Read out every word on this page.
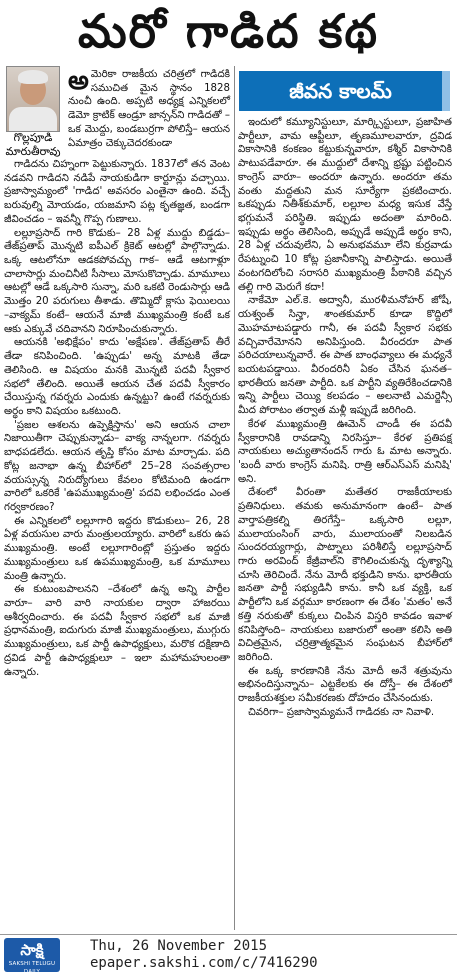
మరో గాడిద కథ
గొల్లపూడి మారుతీరావు
అమెరికా రాజకీయ చరిత్రలో గాడిదకి సముచిత మైన స్థానం 1828 నుంచీ ఉంది. అప్పటి అధ్యక్ష ఎన్నికలలో డెమో క్రాటిక్ ఆండ్రూ జాన్సన్‌ని గాడిదతో – ఒక మొద్దు, బండబుర్రగా పోలిస్తే– ఆయన ఏమాత్రం చెక్కుచెదరకుండా

గాడిదను చిహ్నంగా పెట్టుకున్నారు. 1837లో తన వెంట నడవని గాడిదని నడిపే నాయకుడిగా కార్టూన్లు వచ్చాయి. ప్రజాస్వామ్యంలో 'గాడిద' అవసరం ఎంతైనా ఉంది. వచ్చే బరువుల్ని మోయడం, యజమాని పట్ల కృతజ్ఞత, బండగా జీవించడం – ఇవన్నీ గొప్ప గుణాలు.

లల్లూప్రసాద్ గారి కొడుకు– 28 ఏళ్ల ముద్దు బిడ్డడు– తేజ్‌ప్రతాప్ మొన్నటి ఐపీఎల్ క్రికెట్ ఆటల్లో పాల్గొన్నాడు. ఒక్క ఆటలోనూ ఆడకపోవచ్చు గాక– ఆడే ఆటగాళ్లూ చాలాసార్లు మంచినీటి సీసాలు మోసుకొచ్చాడు. మామూలు ఆటల్లో ఆడే ఒక్కసారి సున్నా, మరి ఒకటి రెండుసార్లు ఆడి మొత్తం 20 పరుగులు తీశాడు. తొమ్మిదో క్లాసు ఫెయిలయి –వాక్యమ్ కంటే– ఆయనే మాజీ ముఖ్యమంత్రి కంటే ఒక ఆకు ఎక్కువే చదివానని నిరూపించుకున్నారు.

ఆయనకి 'అభిక్షేపం' కాదు 'అక్షేపణ'. తేజ్‌ప్రతాప్ తీరే తేడా కనిపించింది. 'ఉప్పుడు' అన్న మాటకి తేడా తెలిసింది. ఆ విషయం మనకి మొన్నటి పదవీ స్వీకార సభలో తేలింది. అయితే ఆయన చేత పదవీ స్వీకారం చేయిస్తున్న గవర్నరు ఎందుకు ఉన్నట్టు? ఉంటే గవర్నరుకు అర్థం కాని విషయం ఒకటుంది.

'ప్రజల ఆశలను ఉప్పెక్షిస్తాను' అని ఆయన చాలా నిజాయితీగా చెప్పుకున్నాడు– వాక్య నాన్నలగా. గవర్నరు బాధపడలేదు. ఆయన తృప్తి కోసం మాట మార్చాడు. పది కోట్ల జనాభా ఉన్న బీహార్‌లో 25–28 సంవత్సరాల వయస్సున్న నిరుద్యోగులు కేవలం కోటిమంది ఉండగా వారిలో ఒకరికే 'ఉపముఖ్యమంత్రి' పదవి లభించడం ఎంత గర్వకారణం?

ఈ ఎన్నికలలో లల్లూగారి ఇద్దరు కొడుకులు– 26, 28 ఏళ్ల వయసుల వారు మంత్రులయ్యారు. వారిలో ఒకరు ఉప ముఖ్యమంత్రి. అంటే లల్లూగారింట్లో ప్రస్తుతం ఇద్దరు ముఖ్యమంత్రులు ఒక ఉపముఖ్యమంత్రి, ఒక మామూలు మంత్రి ఉన్నారు.

ఈ కుటుంబపాలనని –దేశంలో ఉన్న అన్ని పార్టీల వారూ– వారి వారి నాయకుల ద్వారా హాజరయి ఆశీర్వదించారు. ఈ పదవీ స్వీకార సభలో ఒక మాజీ ప్రధానమంత్రి, ఐదుగురు మాజీ ముఖ్యమంత్రులు, ముగ్గురు ముఖ్యమంత్రులు, ఒక పార్టీ ఉపాధ్యక్షులు, మరొక దక్షిణాది ద్రవిడ పార్టీ ఉపాధ్యక్షులూ – ఇలా మహామహులంతా ఉన్నారు.

జీవన కాలమ్

ఇందులో కమ్యూనిస్టులూ, మార్క్సిస్టులూ, ప్రజాహిత పార్టీలూ, వామ ఆప్టీలూ, తృణమూలవారూ, ద్రవిడ వికాసానికి కంకణం కట్టుకున్నవారూ, కశ్మీర్ వికాసానికి పాటుపడేవారూ. ఈ ముద్దులో దేశాన్ని భ్రష్టు పట్టించిన కాంగ్రెస్ వారూ– అందరూ ఉన్నారు. అందరూ తమ వంతు మద్దతుని మన సూర్యేగా ప్రకటించారు. ఒకప్పుడు నితీశ్‌కుమార్, లల్లూల మధ్య ఇసుక వేస్తే భగ్గుమనే పరిస్థితి. ఇప్పుడు అదంతా మారింది. ఇప్పుడు అర్థం తెలిసింది, అప్పుడే అప్పుడే అర్థం కాని, 28 ఏళ్ల చదువులేని, ఏ అనుభవమూ లేని కుర్రవాడు రేపట్నుంచి 10 కోట్ల ప్రజానీకాన్ని పాలిస్తాడు. అయితే వంటగదిలోంచి సరాసరి ముఖ్యమంత్రి పీఠానికి వచ్చిన తల్లి గారి మెరుగే కదా!

నాకేమో ఎల్.కె. అద్వానీ, మురళీమనోహర్ జోషీ, యశ్వంత్ సిన్హా, శాంతకుమార్ కూడా కొద్దిలో మొహమాటపడ్డారు గానీ, ఈ పదవీ స్వీకార సభకు వచ్చివారేమోనని అనిపిస్తుంది. వీరందరూ పాత పరిచయాలున్నవారే. ఈ పాత బాంధవ్యాలు ఈ మధ్యనే బయటపడ్డాయి. వీరందరినీ ఏకం చేసిన ఘనత– భారతీయ జనతా పార్టీది. ఒక పార్టీని వ్యతిరేకించడానికి ఇన్ని పార్టీలు చెయ్యి కలపడం – అలనాటి ఎమర్జెన్సీ మీద పోరాటం తర్వాత మళ్లీ ఇప్పుడే జరిగింది.

కేరళ ముఖ్యమంత్రి ఊమెన్ చాండీ ఈ పదవీ స్వీకారానికి రావడాన్ని నిరసిస్తూ– కేరళ ప్రతిపక్ష నాయకులు అచ్యుతానందన్ గారు ఓ మాట అన్నారు. 'బందీ వారు కాంగ్రెస్ మనిషి. రాత్రి ఆర్‌ఎస్‌ఎస్ మనిషి' అని.

దేశంలో వీరంతా మతేతర రాజకీయాలకు ప్రతినిధులు. తమకు అనుమానంగా ఉంటే– పాత వార్తాపత్రికల్ని తిరగేస్తే– ఒక్కసారి లల్లూ, ములాయంసింగ్ వారు, ములాయంతో నిలబడిన సుందరయ్యగార్లు, పాట్నాలు పరిశీలిస్తే లల్లూప్రసాద్ గారు అరవింద్ కేజ్రీవాల్‌ని కౌగిలించుకున్న దృశ్యాన్ని చూసి తెరిచిందే. నేను మోదీ భక్తుడిని కాను. భారతీయ జనతా పార్టీ సభ్యుడినీ కాను. కానీ ఒక వ్యక్తి, ఒక పార్టీలోని ఒక వర్గమూ కారణంగా ఈ దేశం 'మతం' అనే కత్తి నరుకుతో కుక్కలు చింపిన విస్తరి కావడం ఇవాళ కనిపిస్తోంది– నాయకులు బజారులో అంతా కలిసి అతి విచిత్రమైన, చర్రిత్రాత్మకమైన సంఘటన బీహార్‌లో జరిగింది.

ఈ ఒక్క కారణానికి నేను మోదీ అనే శత్రువును అభినందిస్తున్నాను– ఎట్టకేలకు ఈ దోస్తీ– ఈ దేశంలో రాజకీయశక్తుల సమీకరణకు దోహదం చేసినందుకు.

చివరిగా– ప్రజాస్వామ్యమనే గాడిదకు నా నివాళి.

సాక్షి
SAKSHI TELUGU DAILY
Thu, 26 November 2015
epaper.sakshi.com/c/7416290
